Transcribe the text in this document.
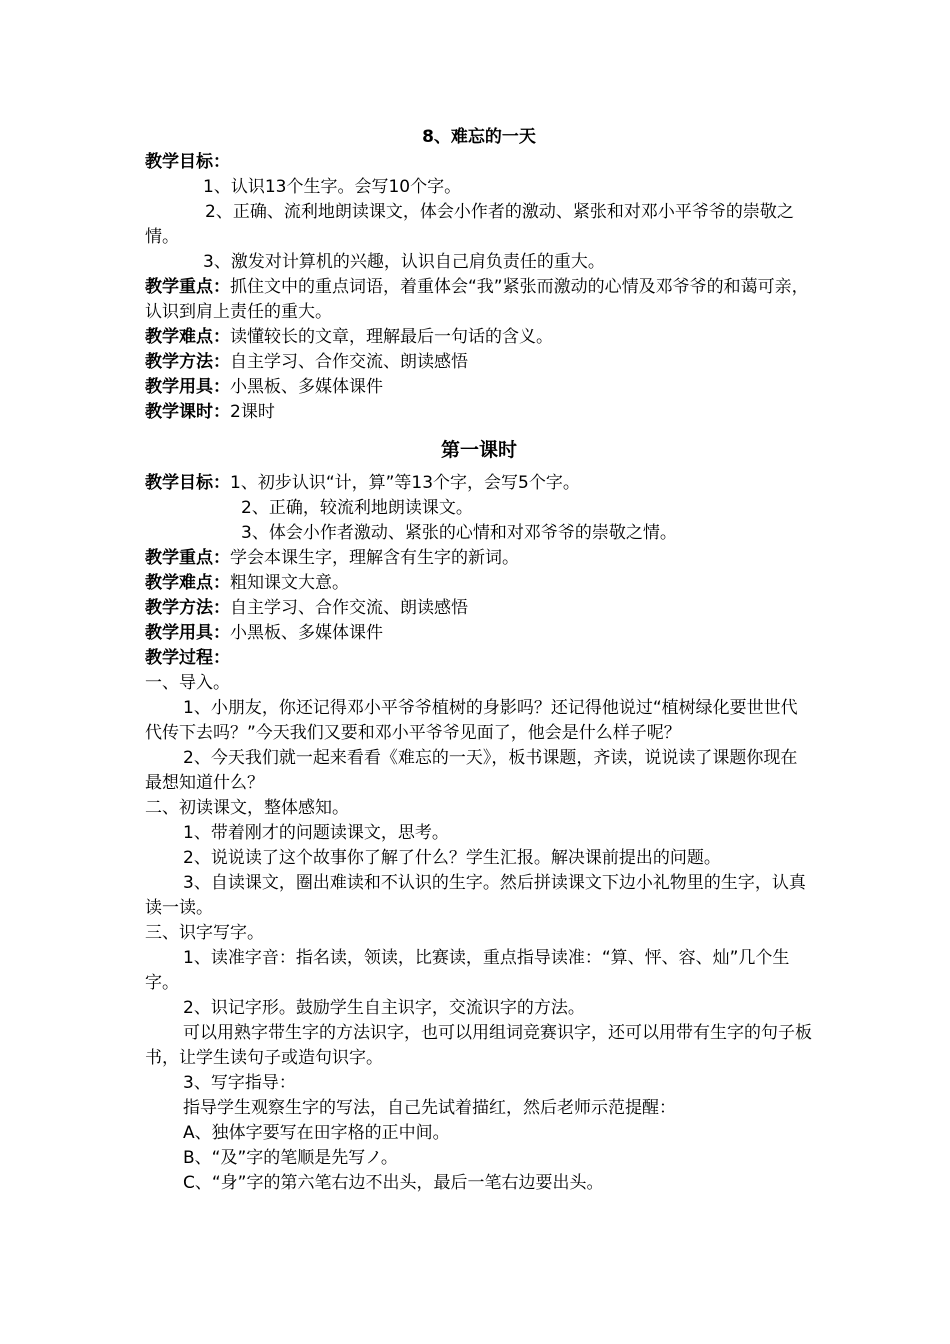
8、难忘的一天
教学目标：
1、认识13个生字。会写10个字。
2、正确、流利地朗读课文，体会小作者的激动、紧张和对邓小平爷爷的崇敬之情。
3、激发对计算机的兴趣，认识自己肩负责任的重大。
教学重点：抓住文中的重点词语，着重体会“我”紧张而激动的心情及邓爷爷的和蔼可亲，认识到肩上责任的重大。
教学难点：读懂较长的文章，理解最后一句话的含义。
教学方法：自主学习、合作交流、朗读感悟
教学用具：小黑板、多媒体课件
教学课时：2课时
第一课时
教学目标：1、初步认识“计，算”等13个字，会写5个字。
2、正确，较流利地朗读课文。
3、体会小作者激动、紧张的心情和对邓爷爷的崇敬之情。
教学重点：学会本课生字，理解含有生字的新词。
教学难点：粗知课文大意。
教学方法：自主学习、合作交流、朗读感悟
教学用具：小黑板、多媒体课件
教学过程：
一、导入。
1、小朋友，你还记得邓小平爷爷植树的身影吗？还记得他说过“植树绿化要世世代代传下去吗？”今天我们又要和邓小平爷爷见面了，他会是什么样子呢？
2、今天我们就一起来看看《难忘的一天》，板书课题，齐读，说说读了课题你现在最想知道什么？
二、初读课文，整体感知。
1、带着刚才的问题读课文，思考。
2、说说读了这个故事你了解了什么？学生汇报。解决课前提出的问题。
3、自读课文，圈出难读和不认识的生字。然后拼读课文下边小礼物里的生字，认真读一读。
三、识字写字。
1、读准字音：指名读，领读，比赛读，重点指导读准：“算、怦、容、灿”几个生字。
2、识记字形。鼓励学生自主识字，交流识字的方法。
可以用熟字带生字的方法识字，也可以用组词竞赛识字，还可以用带有生字的句子板书，让学生读句子或造句识字。
3、写字指导：
指导学生观察生字的写法，自己先试着描红，然后老师示范提醒：
A、独体字要写在田字格的正中间。
B、“及”字的笔顺是先写ノ。
C、“身”字的第六笔右边不出头，最后一笔右边要出头。
